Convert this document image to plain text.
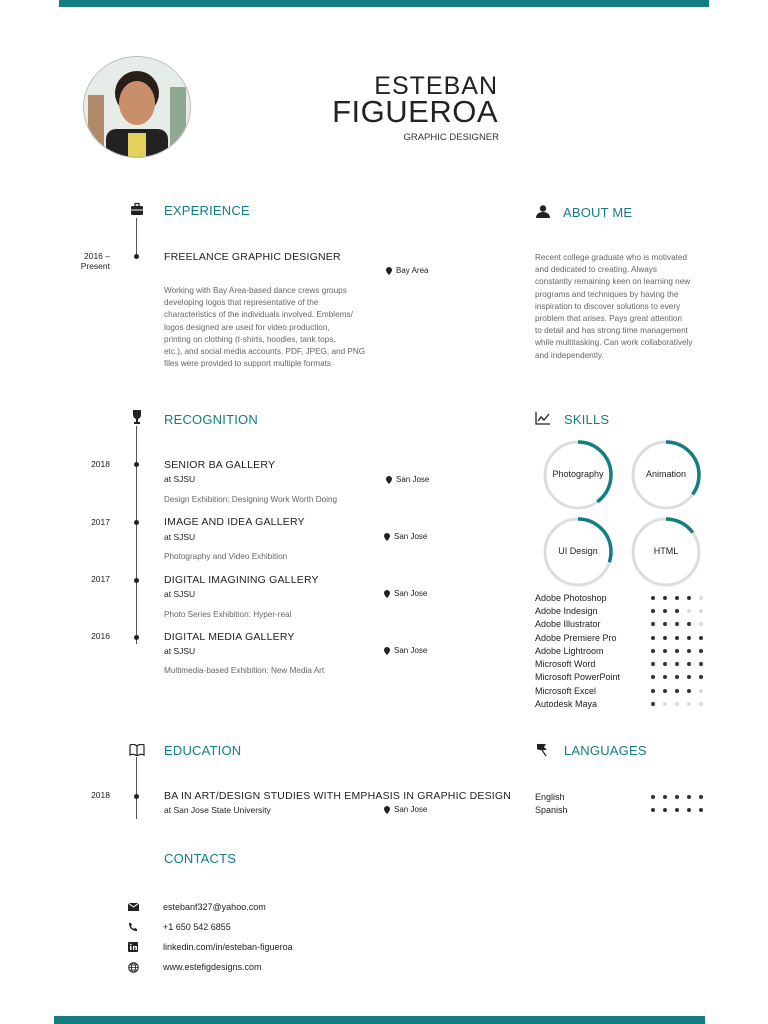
ESTEBAN
FIGUEROA
GRAPHIC DESIGNER
EXPERIENCE
2016 –
Present
FREELANCE GRAPHIC DESIGNER
Bay Area
Working with Bay Area-based dance crews groups
developing logos that representative of the
characteristics of the individuals involved. Emblems/
logos designed are used for video production,
printing on clothing (t-shirts, hoodies, tank tops,
etc.), and social media accounts. PDF, JPEG, and PNG
files were provided to support multiple formats
ABOUT ME
Recent college graduate who is motivated
and dedicated to creating. Always
constantly remaining keen on learning new
programs and techniques by having the
inspiration to discover solutions to every
problem that arises. Pays great attention
to detail and has strong time management
while multitasking. Can work collaboratively
and independently.
RECOGNITION
2018	SENIOR BA GALLERY
at SJSU	San Jose
Design Exhibition: Designing Work Worth Doing
2017	IMAGE AND IDEA GALLERY
at SJSU	San Jose
Photography and Video Exhibition
2017	DIGITAL IMAGINING GALLERY
at SJSU	San Jose
Photo Series Exhibition: Hyper-real
2016	DIGITAL MEDIA GALLERY
at SJSU	San Jose
Multimedia-based Exhibition: New Media Art
SKILLS
Photography	Animation
UI Design	HTML
Adobe Photoshop
Adobe Indesign
Adobe Illustrator
Adobe Premiere Pro
Adobe Lightroom
Microsoft Word
Microsoft PowerPoint
Microsoft Excel
Autodesk Maya
EDUCATION
2018	BA IN ART/DESIGN STUDIES WITH EMPHASIS IN GRAPHIC DESIGN
at San Jose State University	San Jose
LANGUAGES
English
Spanish
CONTACTS
estebanf327@yahoo.com
+1 650 542 6855
linkedin.com/in/esteban-figueroa
www.estefigdesigns.com
